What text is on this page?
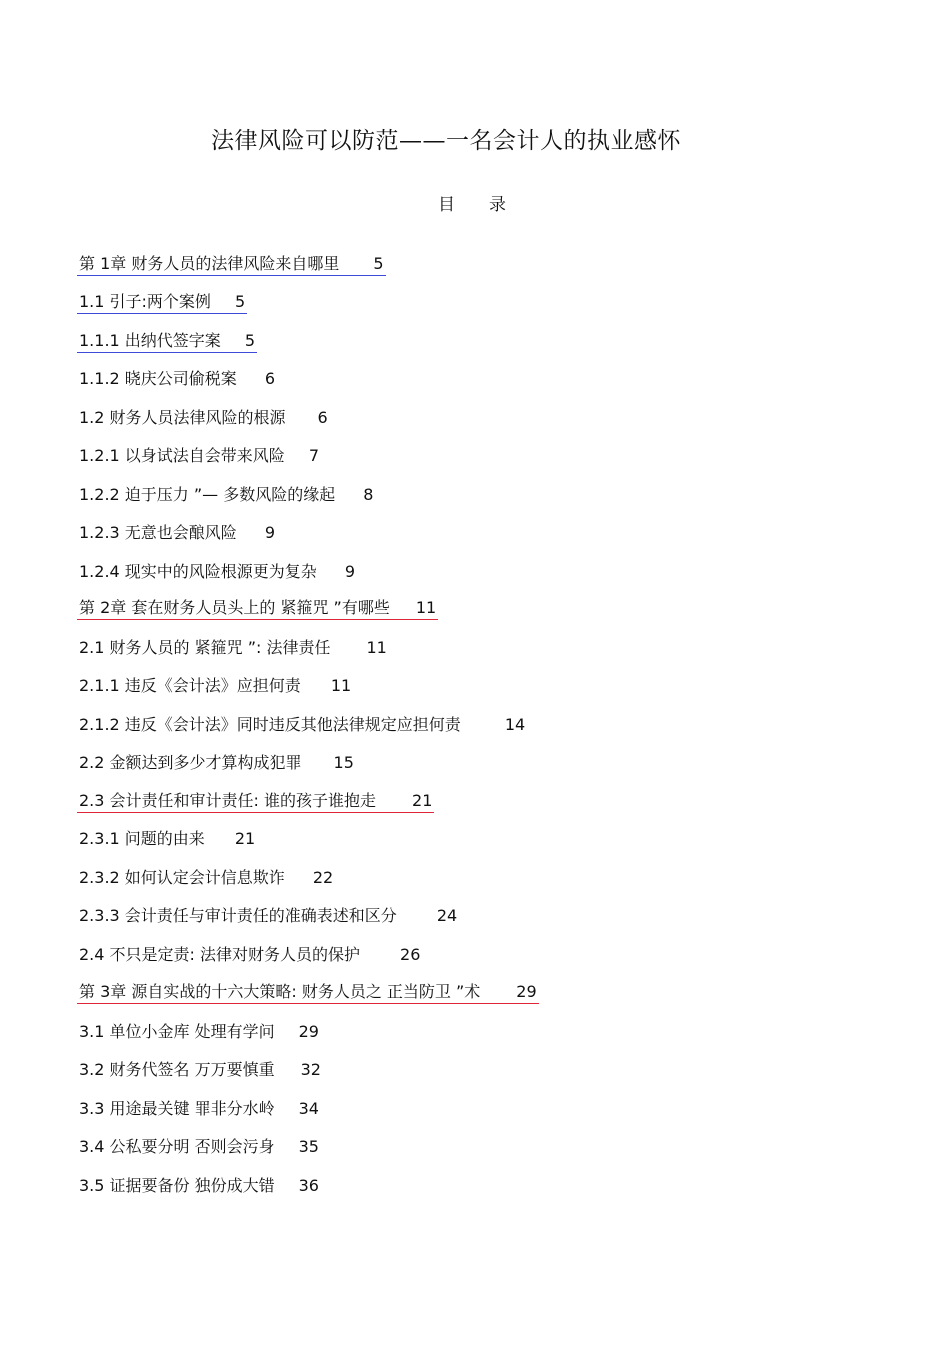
法律风险可以防范——一名会计人的执业感怀
目录
第 1章 财务人员的法律风险来自哪里 5
1.1 引子:两个案例 5
1.1.1 出纳代签字案 5
1.1.2 晓庆公司偷税案 6
1.2 财务人员法律风险的根源 6
1.2.1 以身试法自会带来风险 7
1.2.2 迫于压力 ”— 多数风险的缘起 8
1.2.3 无意也会酿风险 9
1.2.4 现实中的风险根源更为复杂 9
第 2章 套在财务人员头上的 紧箍咒 ”有哪些 11
2.1 财务人员的 紧箍咒 ”: 法律责任 11
2.1.1 违反《会计法》应担何责 11
2.1.2 违反《会计法》同时违反其他法律规定应担何责	14
2.2 金额达到多少才算构成犯罪 15
2.3 会计责任和审计责任: 谁的孩子谁抱走 21
2.3.1 问题的由来 21
2.3.2 如何认定会计信息欺诈 22
2.3.3 会计责任与审计责任的准确表述和区分	24
2.4 不只是定责: 法律对财务人员的保护	26
第 3章 源自实战的十六大策略: 财务人员之 正当防卫 ”术 29
3.1 单位小金库 处理有学问 29
3.2 财务代签名 万万要慎重 32
3.3 用途最关键 罪非分水岭 34
3.4 公私要分明 否则会污身 35
3.5 证据要备份 独份成大错 36
